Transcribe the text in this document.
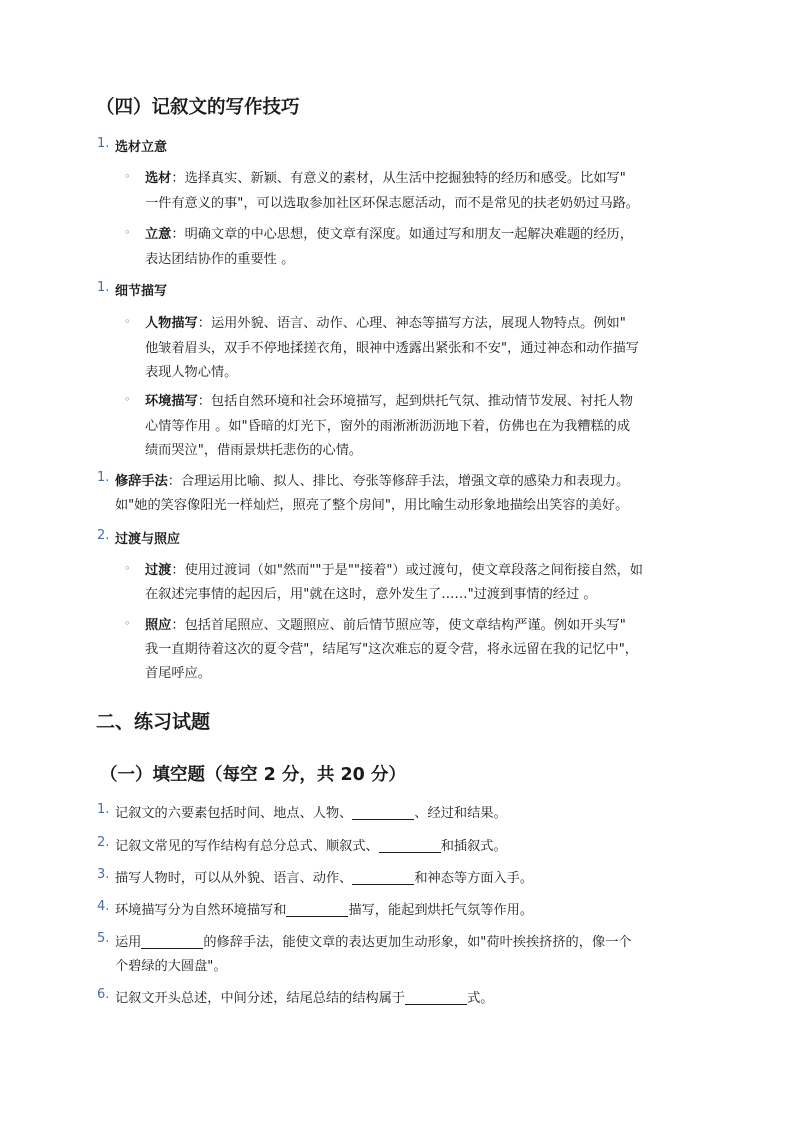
（四）记叙文的写作技巧
1. 选材立意
◦ 选材：选择真实、新颖、有意义的素材，从生活中挖掘独特的经历和感受。比如写"
一件有意义的事"，可以选取参加社区环保志愿活动，而不是常见的扶老奶奶过马路。
◦ 立意：明确文章的中心思想，使文章有深度。如通过写和朋友一起解决难题的经历，
表达团结协作的重要性 。
1. 细节描写
◦ 人物描写：运用外貌、语言、动作、心理、神态等描写方法，展现人物特点。例如"
他皱着眉头，双手不停地揉搓衣角，眼神中透露出紧张和不安"，通过神态和动作描写
表现人物心情。
◦ 环境描写：包括自然环境和社会环境描写，起到烘托气氛、推动情节发展、衬托人物
心情等作用 。如"昏暗的灯光下，窗外的雨淅淅沥沥地下着，仿佛也在为我糟糕的成
绩而哭泣"，借雨景烘托悲伤的心情。
1. 修辞手法：合理运用比喻、拟人、排比、夸张等修辞手法，增强文章的感染力和表现力。
如"她的笑容像阳光一样灿烂，照亮了整个房间"，用比喻生动形象地描绘出笑容的美好。
2. 过渡与照应
◦ 过渡：使用过渡词（如"然而""于是""接着"）或过渡句，使文章段落之间衔接自然，如
在叙述完事情的起因后，用"就在这时，意外发生了……"过渡到事情的经过 。
◦ 照应：包括首尾照应、文题照应、前后情节照应等，使文章结构严谨。例如开头写"
我一直期待着这次的夏令营"，结尾写"这次难忘的夏令营，将永远留在我的记忆中"，
首尾呼应。
二、练习试题
（一）填空题（每空 2 分，共 20 分）
1. 记叙文的六要素包括时间、地点、人物、	、经过和结果。
2. 记叙文常见的写作结构有总分总式、顺叙式、	和插叙式。
3. 描写人物时，可以从外貌、语言、动作、	和神态等方面入手。
4. 环境描写分为自然环境描写和	描写，能起到烘托气氛等作用。
5. 运用	的修辞手法，能使文章的表达更加生动形象，如"荷叶挨挨挤挤的，像一个
个碧绿的大圆盘"。
6. 记叙文开头总述，中间分述，结尾总结的结构属于	式。
